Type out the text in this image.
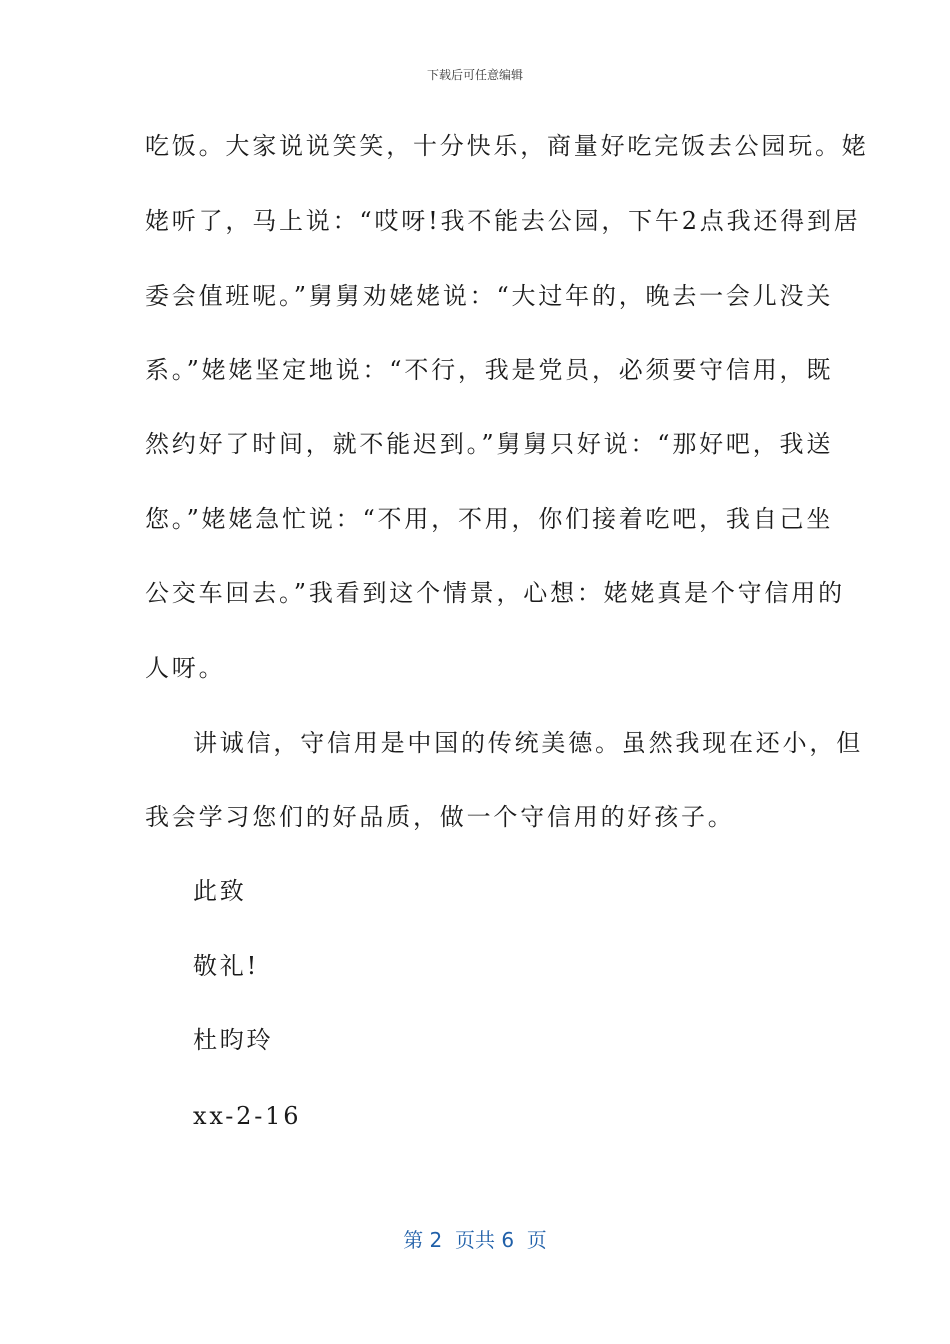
下载后可任意编辑
吃饭。大家说说笑笑，十分快乐，商量好吃完饭去公园玩。姥
姥听了，马上说：“哎呀!我不能去公园，下午2点我还得到居
委会值班呢。”舅舅劝姥姥说：“大过年的，晚去一会儿没关
系。”姥姥坚定地说：“不行，我是党员，必须要守信用，既
然约好了时间，就不能迟到。”舅舅只好说：“那好吧，我送
您。”姥姥急忙说：“不用，不用，你们接着吃吧，我自己坐
公交车回去。”我看到这个情景，心想：姥姥真是个守信用的
人呀。
讲诚信，守信用是中国的传统美德。虽然我现在还小，但
我会学习您们的好品质，做一个守信用的好孩子。
此致
敬礼!
杜昀玲
xx-2-16
第 2  页共 6  页
